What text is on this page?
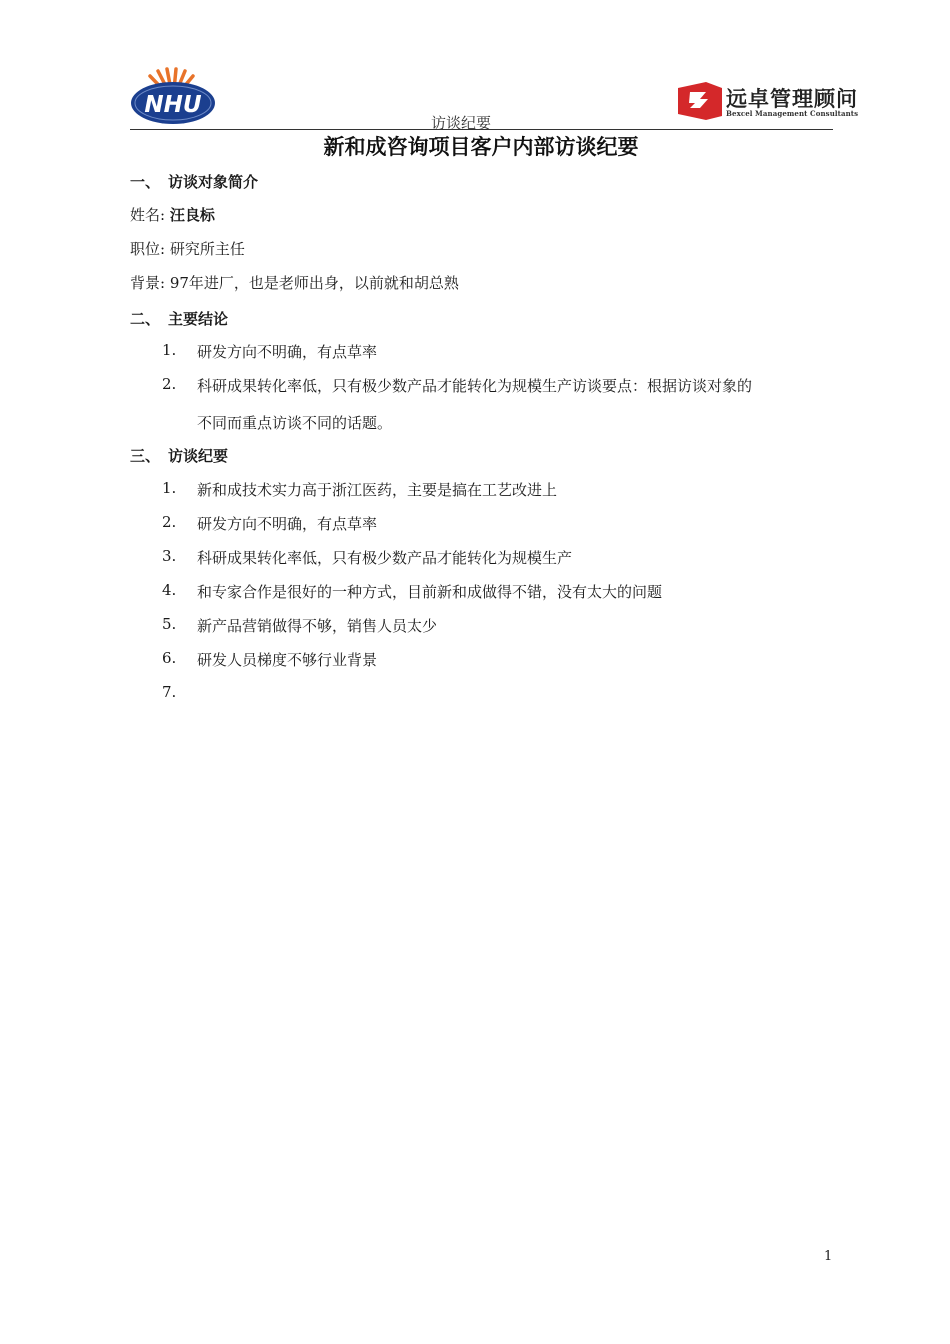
NHU	远卓管理顾问
Bexcel Management Consultants
访谈纪要
新和成咨询项目客户内部访谈纪要
一、 访谈对象简介
姓名: 汪良标
职位: 研究所主任
背景: 97年进厂，也是老师出身，以前就和胡总熟
二、 主要结论
1. 研发方向不明确，有点草率
2. 科研成果转化率低，只有极少数产品才能转化为规模生产访谈要点：根据访谈对象的
不同而重点访谈不同的话题。
三、 访谈纪要
1. 新和成技术实力高于浙江医药，主要是搞在工艺改进上
2. 研发方向不明确，有点草率
3. 科研成果转化率低，只有极少数产品才能转化为规模生产
4. 和专家合作是很好的一种方式，目前新和成做得不错，没有太大的问题
5. 新产品营销做得不够，销售人员太少
6. 研发人员梯度不够行业背景
7.
1
